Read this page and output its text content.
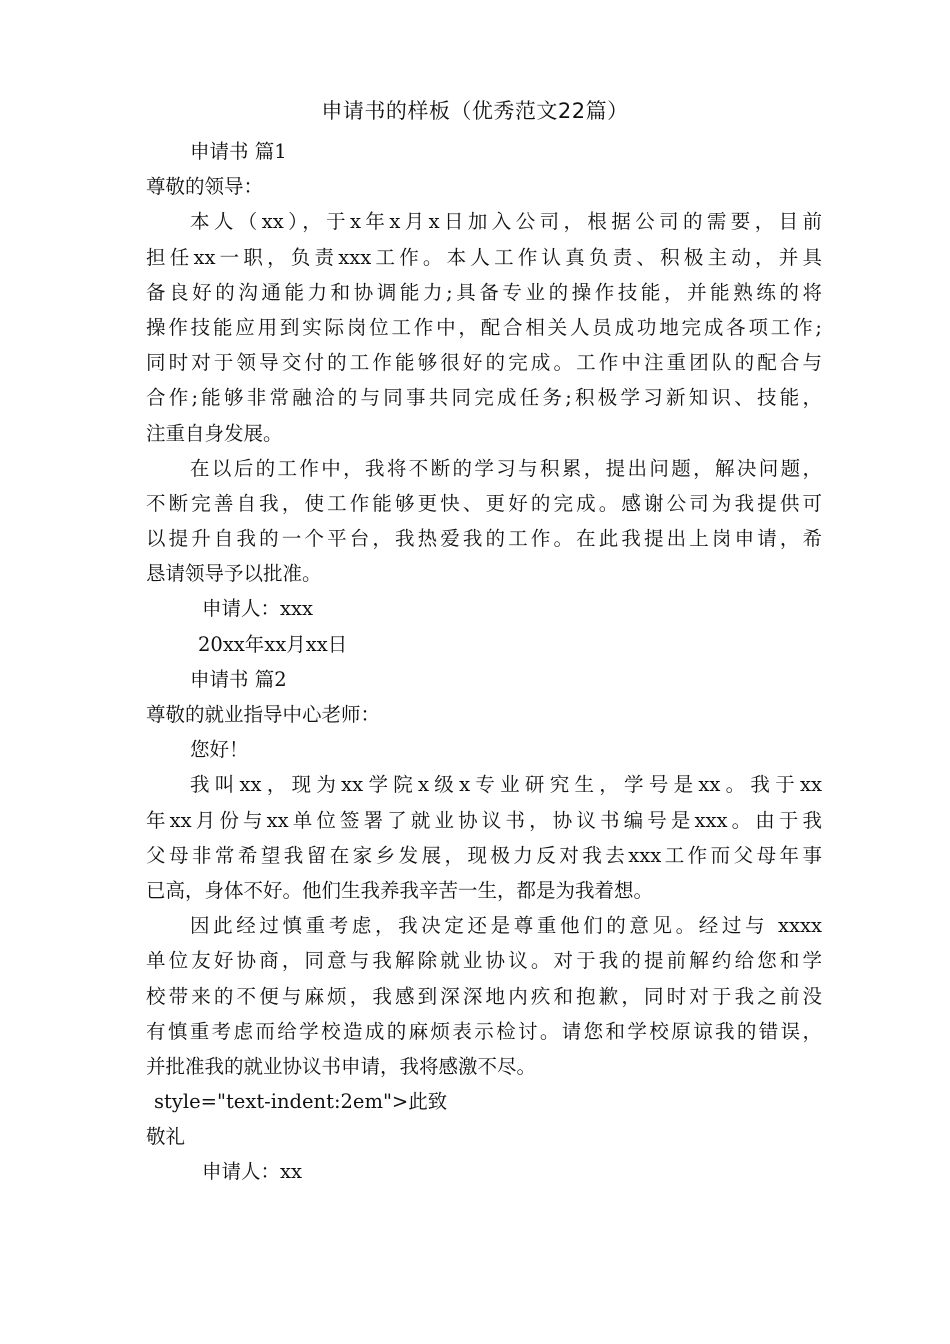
申请书的样板（优秀范文22篇）
申请书 篇1
尊敬的领导：
本人（xx），于x年x月x日加入公司，根据公司的需要，目前
担任xx一职，负责xxx工作。本人工作认真负责、积极主动，并具
备良好的沟通能力和协调能力;具备专业的操作技能，并能熟练的将
操作技能应用到实际岗位工作中，配合相关人员成功地完成各项工作;
同时对于领导交付的工作能够很好的完成。工作中注重团队的配合与
合作;能够非常融洽的与同事共同完成任务;积极学习新知识、技能，
注重自身发展。
在以后的工作中，我将不断的学习与积累，提出问题，解决问题，
不断完善自我，使工作能够更快、更好的完成。感谢公司为我提供可
以提升自我的一个平台，我热爱我的工作。在此我提出上岗申请，希
恳请领导予以批准。
申请人：xxx
20xx年xx月xx日
申请书 篇2
尊敬的就业指导中心老师：
您好！
我叫xx，现为xx学院x级x专业研究生，学号是xx。我于xx
年xx月份与xx单位签署了就业协议书，协议书编号是xxx。由于我
父母非常希望我留在家乡发展，现极力反对我去xxx工作而父母年事
已高，身体不好。他们生我养我辛苦一生，都是为我着想。
因此经过慎重考虑，我决定还是尊重他们的意见。经过与 xxxx
单位友好协商，同意与我解除就业协议。对于我的提前解约给您和学
校带来的不便与麻烦，我感到深深地内疚和抱歉，同时对于我之前没
有慎重考虑而给学校造成的麻烦表示检讨。请您和学校原谅我的错误，
并批准我的就业协议书申请，我将感激不尽。
style="text-indent:2em">此致
敬礼
申请人：xx
